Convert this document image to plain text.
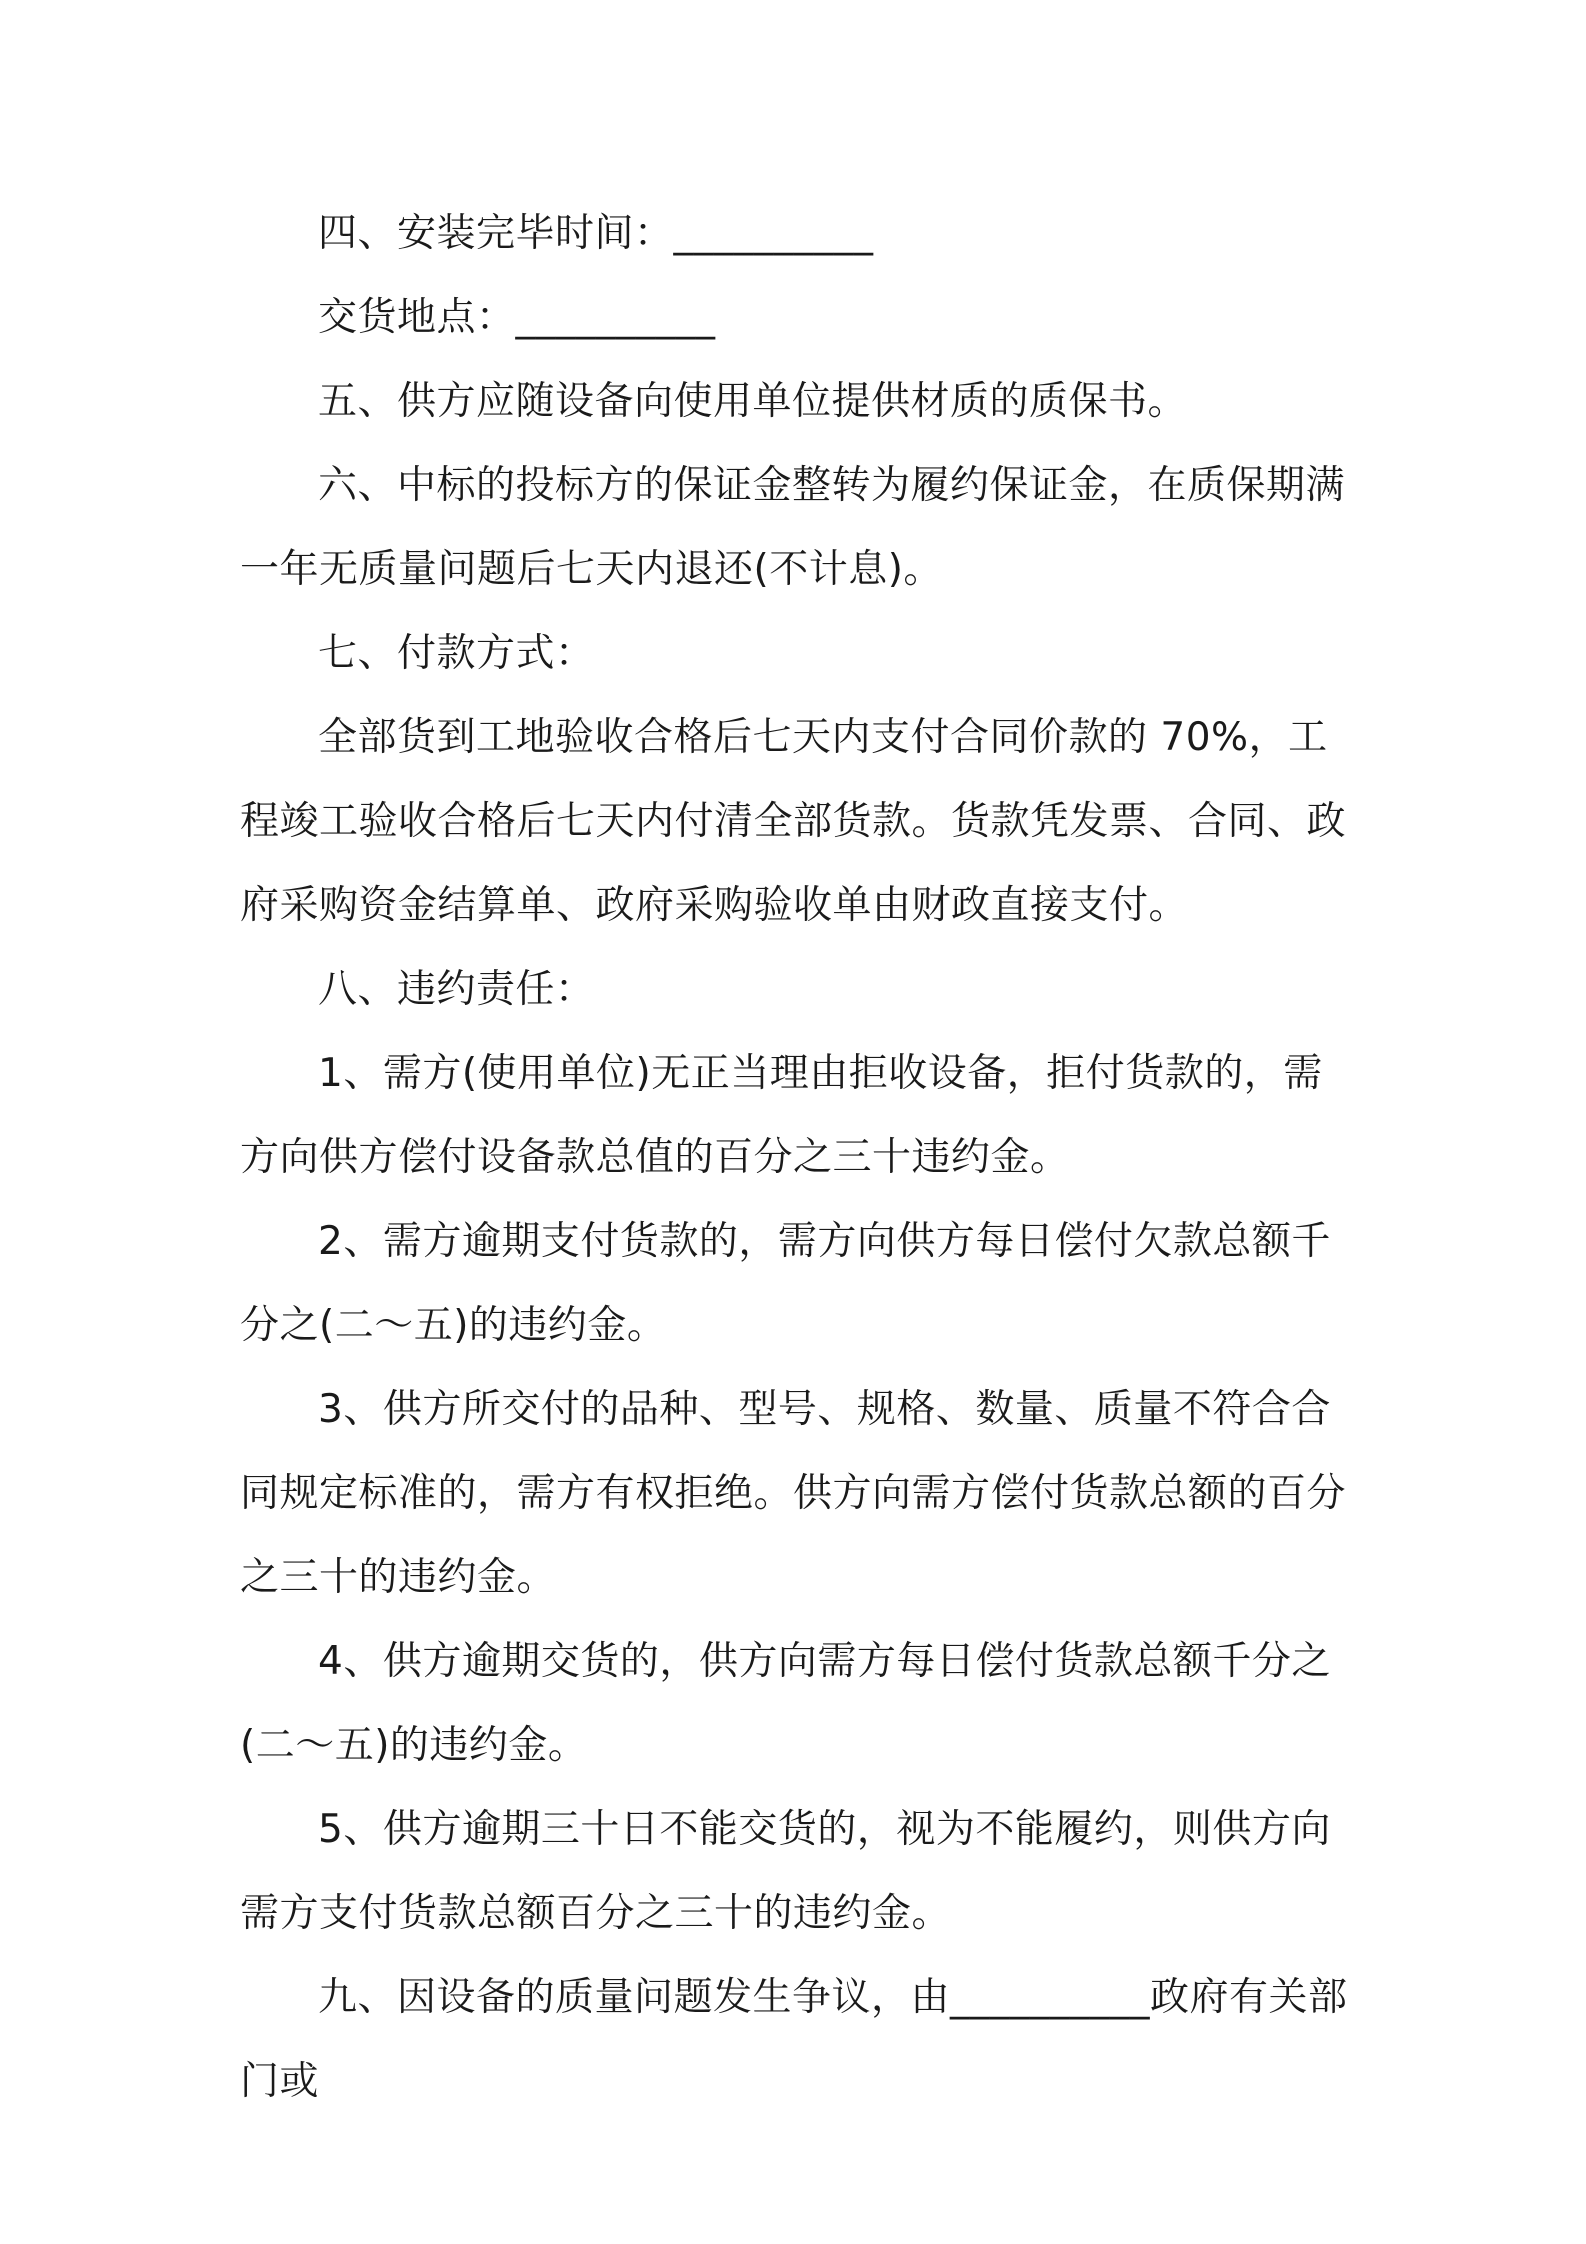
四、安装完毕时间：__________

交货地点：__________

五、供方应随设备向使用单位提供材质的质保书。

六、中标的投标方的保证金整转为履约保证金，在质保期满一年无质量问题后七天内退还(不计息)。

七、付款方式：

全部货到工地验收合格后七天内支付合同价款的 70%，工程竣工验收合格后七天内付清全部货款。货款凭发票、合同、政府采购资金结算单、政府采购验收单由财政直接支付。

八、违约责任：

1、需方(使用单位)无正当理由拒收设备，拒付货款的，需方向供方偿付设备款总值的百分之三十违约金。

2、需方逾期支付货款的，需方向供方每日偿付欠款总额千分之(二～五)的违约金。

3、供方所交付的品种、型号、规格、数量、质量不符合合同规定标准的，需方有权拒绝。供方向需方偿付货款总额的百分之三十的违约金。

4、供方逾期交货的，供方向需方每日偿付货款总额千分之(二～五)的违约金。

5、供方逾期三十日不能交货的，视为不能履约，则供方向需方支付货款总额百分之三十的违约金。

九、因设备的质量问题发生争议，由__________政府有关部门或
